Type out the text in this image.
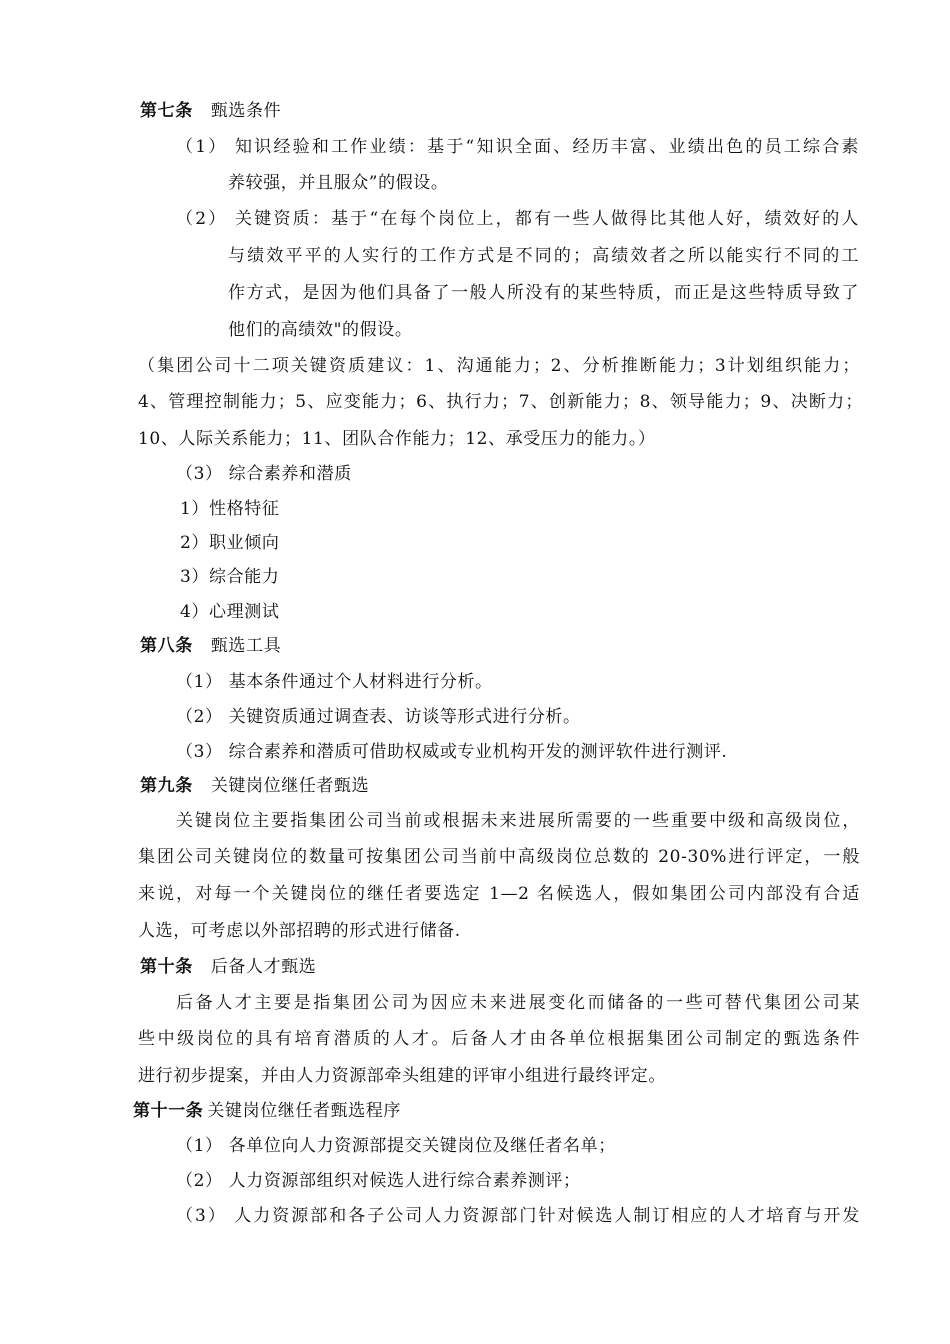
第七条 甄选条件
（1） 知识经验和工作业绩：基于“知识全面、经历丰富、业绩出色的员工综合素
养较强，并且服众”的假设。
（2） 关键资质：基于“在每个岗位上，都有一些人做得比其他人好，绩效好的人
与绩效平平的人实行的工作方式是不同的；高绩效者之所以能实行不同的工
作方式，是因为他们具备了一般人所没有的某些特质，而正是这些特质导致了
他们的高绩效"的假设。
（集团公司十二项关键资质建议：1、沟通能力；2、分析推断能力；3计划组织能力；
4、管理控制能力；5、应变能力；6、执行力；7、创新能力；8、领导能力；9、决断力；
10、人际关系能力；11、团队合作能力；12、承受压力的能力。）
（3） 综合素养和潜质
1）性格特征
2）职业倾向
3）综合能力
4）心理测试
第八条 甄选工具
（1） 基本条件通过个人材料进行分析。
（2） 关键资质通过调查表、访谈等形式进行分析。
（3） 综合素养和潜质可借助权威或专业机构开发的测评软件进行测评.
第九条 关键岗位继任者甄选
关键岗位主要指集团公司当前或根据未来进展所需要的一些重要中级和高级岗位，
集团公司关键岗位的数量可按集团公司当前中高级岗位总数的 20-30%进行评定，一般
来说，对每一个关键岗位的继任者要选定 1—2 名候选人，假如集团公司内部没有合适
人选，可考虑以外部招聘的形式进行储备.
第十条 后备人才甄选
后备人才主要是指集团公司为因应未来进展变化而储备的一些可替代集团公司某
些中级岗位的具有培育潜质的人才。后备人才由各单位根据集团公司制定的甄选条件
进行初步提案，并由人力资源部牵头组建的评审小组进行最终评定。
第十一条 关键岗位继任者甄选程序
（1） 各单位向人力资源部提交关键岗位及继任者名单；
（2） 人力资源部组织对候选人进行综合素养测评；
（3） 人力资源部和各子公司人力资源部门针对候选人制订相应的人才培育与开发
